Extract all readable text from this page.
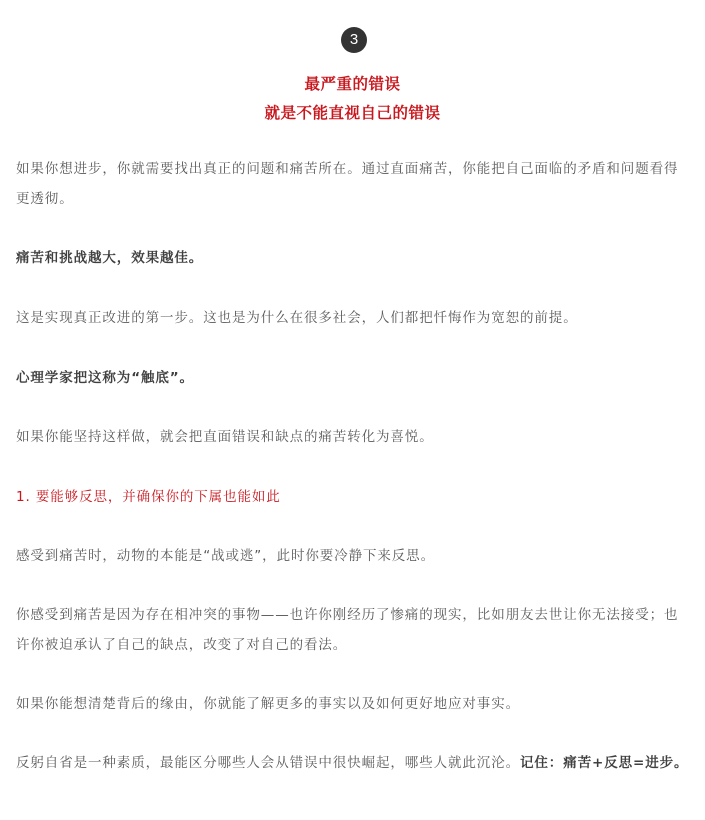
3
最严重的错误
就是不能直视自己的错误
如果你想进步，你就需要找出真正的问题和痛苦所在。通过直面痛苦，你能把自己面临的矛盾和问题看得更透彻。
痛苦和挑战越大，效果越佳。
这是实现真正改进的第一步。这也是为什么在很多社会，人们都把忏悔作为宽恕的前提。
心理学家把这称为“触底”。
如果你能坚持这样做，就会把直面错误和缺点的痛苦转化为喜悦。
1. 要能够反思，并确保你的下属也能如此
感受到痛苦时，动物的本能是“战或逃”，此时你要冷静下来反思。
你感受到痛苦是因为存在相冲突的事物——也许你刚经历了惨痛的现实，比如朋友去世让你无法接受；也许你被迫承认了自己的缺点，改变了对自己的看法。
如果你能想清楚背后的缘由，你就能了解更多的事实以及如何更好地应对事实。
反躬自省是一种素质，最能区分哪些人会从错误中很快崛起，哪些人就此沉沦。记住：痛苦+反思=进步。
